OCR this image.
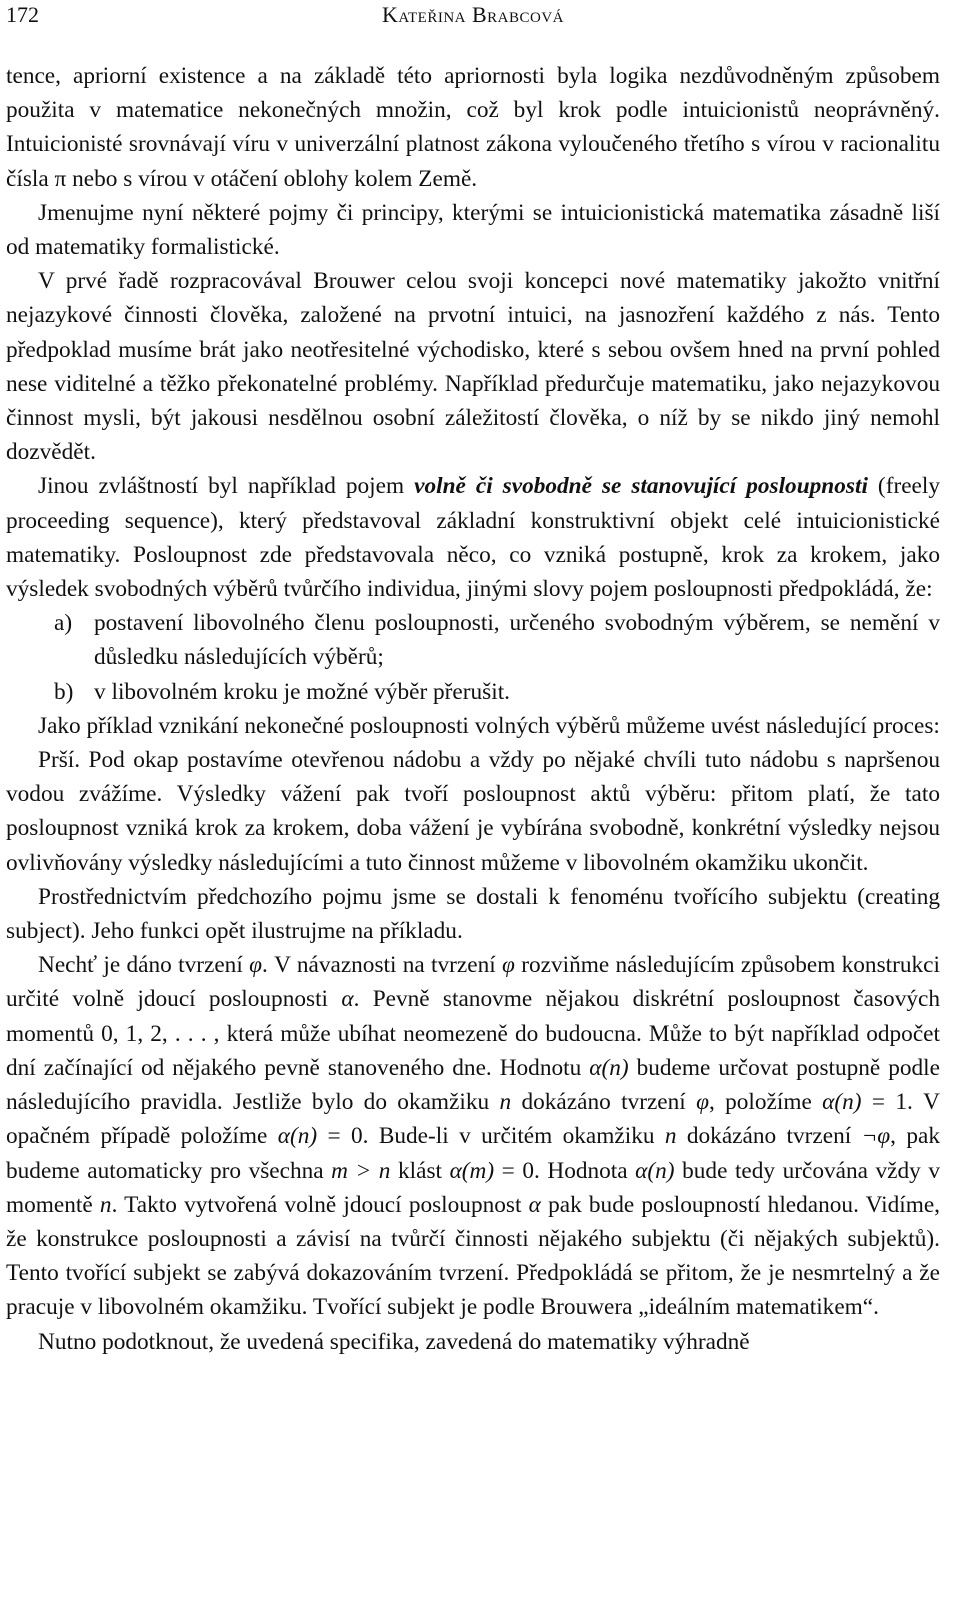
172	Kateřina Brabcová

tence, apriorní existence a na základě této apriornosti byla logika nezdůvodněným způsobem použita v matematice nekonečných množin, což byl krok podle intuicionistů neoprávněný. Intuicionisté srovnávají víru v univerzální platnost zákona vyloučeného třetího s vírou v racionalitu čísla π nebo s vírou v otáčení oblohy kolem Země.

Jmenujme nyní některé pojmy či principy, kterými se intuicionistická matematika zásadně liší od matematiky formalistické.

V prvé řadě rozpracovával Brouwer celou svoji koncepci nové matematiky jakožto vnitřní nejazykové činnosti člověka, založené na prvotní intuici, na jasnozření každého z nás. Tento předpoklad musíme brát jako neotřesitelné východisko, které s sebou ovšem hned na první pohled nese viditelné a těžko překonatelné problémy. Například předurčuje matematiku, jako nejazykovou činnost mysli, být jakousi nesdělnou osobní záležitostí člověka, o níž by se nikdo jiný nemohl dozvědět.

Jinou zvláštností byl například pojem volně či svobodně se stanovující posloupnosti (freely proceeding sequence), který představoval základní konstruktivní objekt celé intuicionistické matematiky. Posloupnost zde představovala něco, co vzniká postupně, krok za krokem, jako výsledek svobodných výběrů tvůrčího individua, jinými slovy pojem posloupnosti předpokládá, že:

a) postavení libovolného členu posloupnosti, určeného svobodným výběrem, se nemění v důsledku následujících výběrů;
b) v libovolném kroku je možné výběr přerušit.

Jako příklad vznikání nekonečné posloupnosti volných výběrů můžeme uvést následující proces:

Prší. Pod okap postavíme otevřenou nádobu a vždy po nějaké chvíli tuto nádobu s napršenou vodou zvážíme. Výsledky vážení pak tvoří posloupnost aktů výběru: přitom platí, že tato posloupnost vzniká krok za krokem, doba vážení je vybírána svobodně, konkrétní výsledky nejsou ovlivňovány výsledky následujícími a tuto činnost můžeme v libovolném okamžiku ukončit.

Prostřednictvím předchozího pojmu jsme se dostali k fenoménu tvořícího subjektu (creating subject). Jeho funkci opět ilustrujme na příkladu.

Nechť je dáno tvrzení φ. V návaznosti na tvrzení φ rozviňme následujícím způsobem konstrukci určité volně jdoucí posloupnosti α. Pevně stanovme nějakou diskrétní posloupnost časových momentů 0, 1, 2, . . . , která může ubíhat neomezeně do budoucna. Může to být například odpočet dní začínající od nějakého pevně stanoveného dne. Hodnotu α(n) budeme určovat postupně podle následujícího pravidla. Jestliže bylo do okamžiku n dokázáno tvrzení φ, položíme α(n) = 1. V opačném případě položíme α(n) = 0. Bude-li v určitém okamžiku n dokázáno tvrzení ¬φ, pak budeme automaticky pro všechna m > n klást α(m) = 0. Hodnota α(n) bude tedy určována vždy v momentě n. Takto vytvořená volně jdoucí posloupnost α pak bude posloupností hledanou. Vidíme, že konstrukce posloupnosti a závisí na tvůrčí činnosti nějakého subjektu (či nějakých subjektů). Tento tvořící subjekt se zabývá dokazováním tvrzení. Předpokládá se přitom, že je nesmrtelný a že pracuje v libovolném okamžiku. Tvořící subjekt je podle Brouwera „ideálním matematikem“.

Nutno podotknout, že uvedená specifika, zavedená do matematiky výhradně
